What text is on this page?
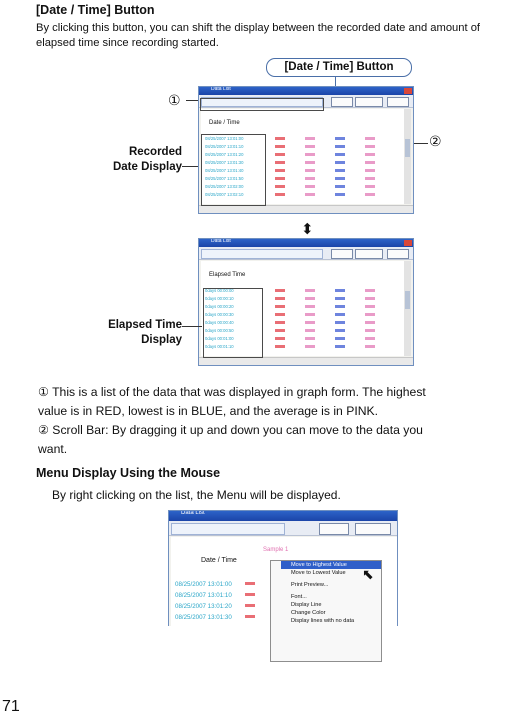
[Date / Time] Button
By clicking this button, you can shift the display between the recorded date and amount of elapsed time since recording started.
[Date / Time] Button
①
②
Recorded
Date Display
Data List
Date / Time
08/25/2007 13:01:00
08/25/2007 13:01:10
08/25/2007 13:01:20
08/25/2007 13:01:30
08/25/2007 13:01:40
08/25/2007 13:01:50
08/25/2007 13:02:00
08/25/2007 13:02:10
⬍
Data List
Elapsed Time
0days 00:00:00
0days 00:00:10
0days 00:00:20
0days 00:00:30
0days 00:00:40
0days 00:00:50
0days 00:01:00
0days 00:01:10
Elapsed Time
Display
① This is a list of the data that was displayed in graph form. The highest
value is in RED, lowest is in BLUE, and the average is in PINK.
② Scroll Bar: By dragging it up and down you can move to the data you
want.
Menu Display Using the Mouse
By right clicking on the list, the Menu will be displayed.
Data List
Date / Time
Sample 1
08/25/2007 13:01:00
08/25/2007 13:01:10
08/25/2007 13:01:20
08/25/2007 13:01:30
Move to Highest Value
Move to Lowest Value
Print Preview...
Font...
Display Line
Change Color
Display lines with no data
⬉
71
